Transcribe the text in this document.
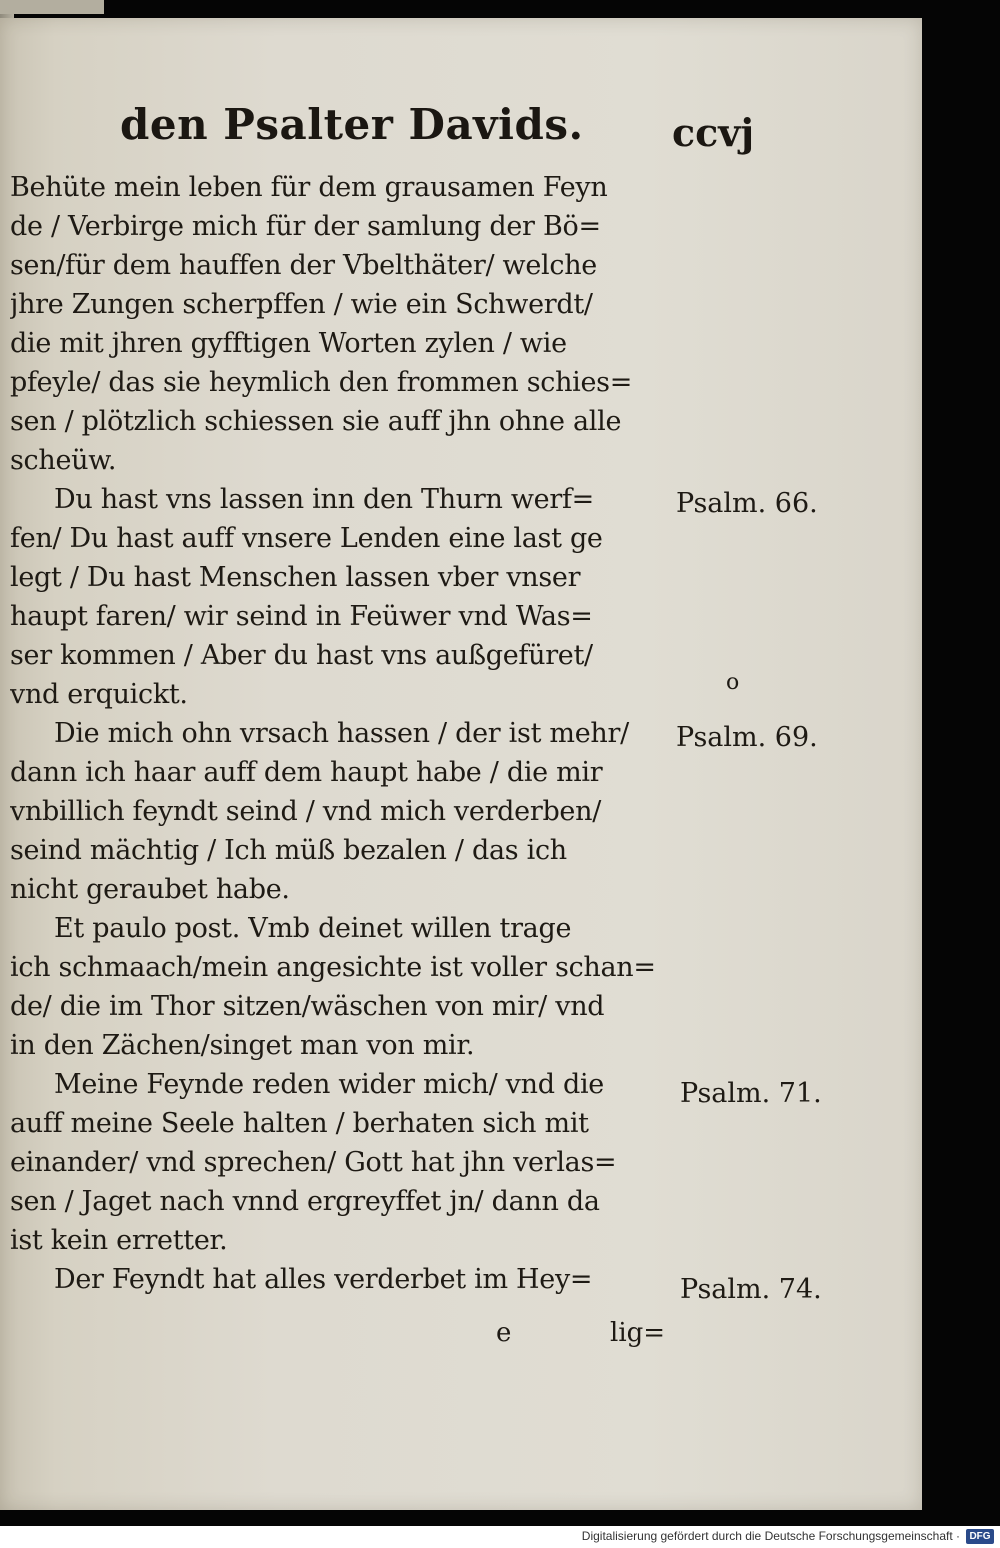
den Psalter Davids. ccvj
Behüte mein leben für dem grausamen Feyn
de / Verbirge mich für der samlung der Bö=
sen/für dem hauffen der Vbelthäter/ welche
jhre Zungen scherpffen / wie ein Schwerdt/
die mit jhren gyfftigen Worten zylen / wie
pfeyle/ das sie heymlich den frommen schies=
sen / plötzlich schiessen sie auff jhn ohne alle
scheüw.
Du hast vns lassen inn den Thurn werf=
fen/ Du hast auff vnsere Lenden eine last ge
legt / Du hast Menschen lassen vber vnser
haupt faren/ wir seind in Feüwer vnd Was=
ser kommen / Aber du hast vns außgefüret/
vnd erquickt.
Die mich ohn vrsach hassen / der ist mehr/
dann ich haar auff dem haupt habe / die mir
vnbillich feyndt seind / vnd mich verderben/
seind mächtig / Ich müß bezalen / das ich
nicht geraubet habe.
Et paulo post. Vmb deinet willen trage
ich schmaach/mein angesichte ist voller schan=
de/ die im Thor sitzen/wäschen von mir/ vnd
in den Zächen/singet man von mir.
Meine Feynde reden wider mich/ vnd die
auff meine Seele halten / berhaten sich mit
einander/ vnd sprechen/ Gott hat jhn verlas=
sen / Jaget nach vnnd ergreyffet jn/ dann da
ist kein erretter.
Der Feyndt hat alles verderbet im Hey=
Psalm. 66.
Psalm. 69.
Psalm. 71.
Psalm. 74.
o
e	lig=
Digitalisierung gefördert durch die Deutsche Forschungsgemeinschaft · DFG
